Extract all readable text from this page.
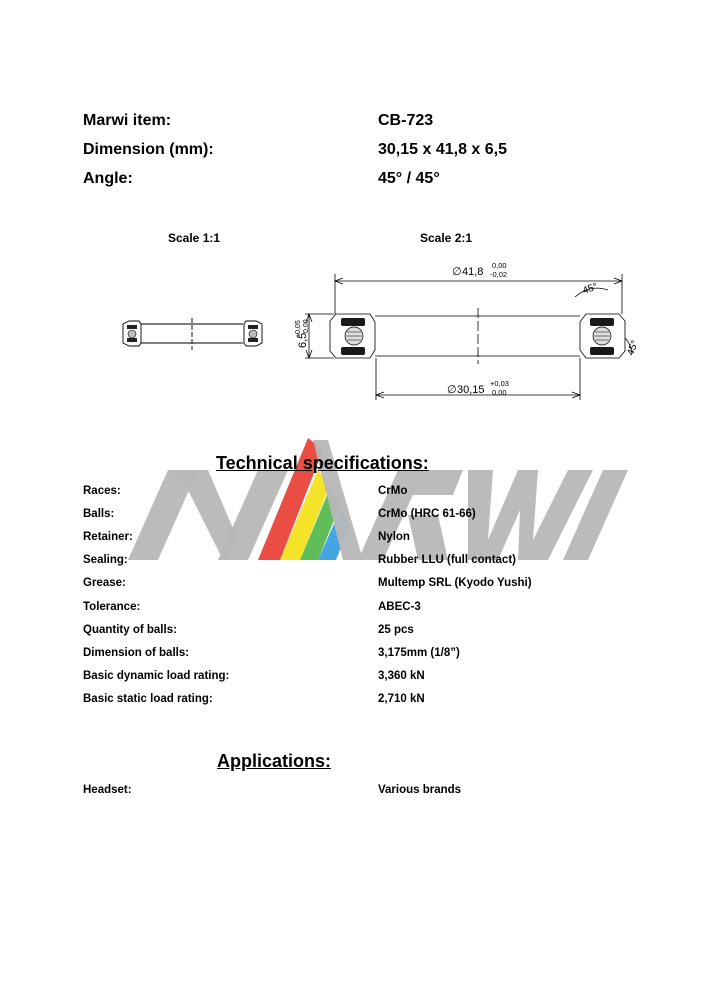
Marwi item:	CB-723
Dimension (mm):	30,15 x 41,8 x 6,5
Angle:	45° / 45°
Scale 1:1	Scale 2:1
∅ 41,8
0,00
-0,02
∅ 30,15
+0,03
0,00
6,5
+0,05 0,00
45°
45°
Technical specifications:
Races:	CrMo
Balls:	CrMo (HRC 61-66)
Retainer:	Nylon
Sealing:	Rubber LLU (full contact)
Grease:	Multemp SRL (Kyodo Yushi)
Tolerance:	ABEC-3
Quantity of balls:	25 pcs
Dimension of balls:	3,175mm (1/8”)
Basic dynamic load rating:	3,360 kN
Basic static load rating:	2,710 kN
Applications:
Headset:	Various brands
